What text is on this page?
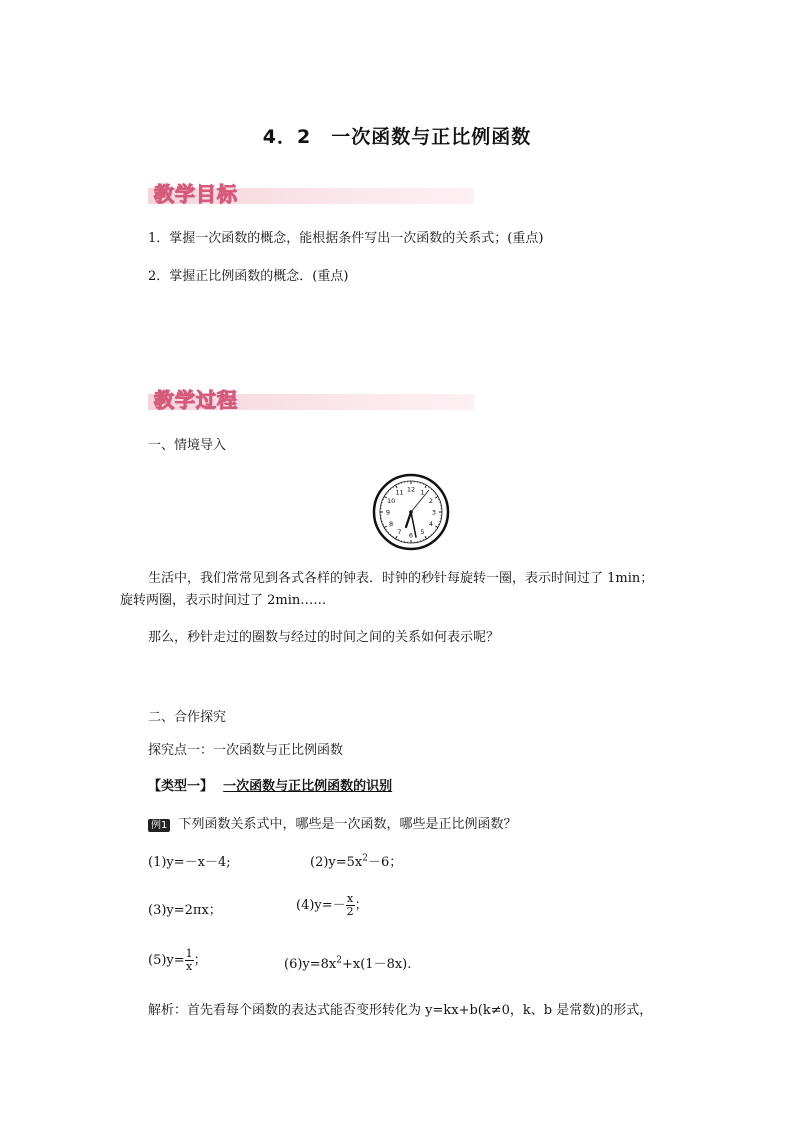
4．2　一次函数与正比例函数
教学目标
1．掌握一次函数的概念，能根据条件写出一次函数的关系式；(重点)
2．掌握正比例函数的概念．(重点)
教学过程
一、情境导入
12 1
2
3
4
5
6
7
8
9
10
11
生活中，我们常常见到各式各样的钟表．时钟的秒针每旋转一圈，表示时间过了 1min；
旋转两圈，表示时间过了 2min……
那么，秒针走过的圈数与经过的时间之间的关系如何表示呢？
二、合作探究
探究点一：一次函数与正比例函数
【类型一】 一次函数与正比例函数的识别
例1 下列函数关系式中，哪些是一次函数，哪些是正比例函数？
(1)y=－x－4;	$(2)y=5x^2-6$；
(3)y=2πx；	$(4)y=- \frac{x}{2}$ ；
$(5)y= \frac{1}{x}$ ；	$(6)y=8x^2+x(1-8x)$.
解析：首先看每个函数的表达式能否变形转化为 y=kx+b(k≠0，k、b 是常数)的形式，
